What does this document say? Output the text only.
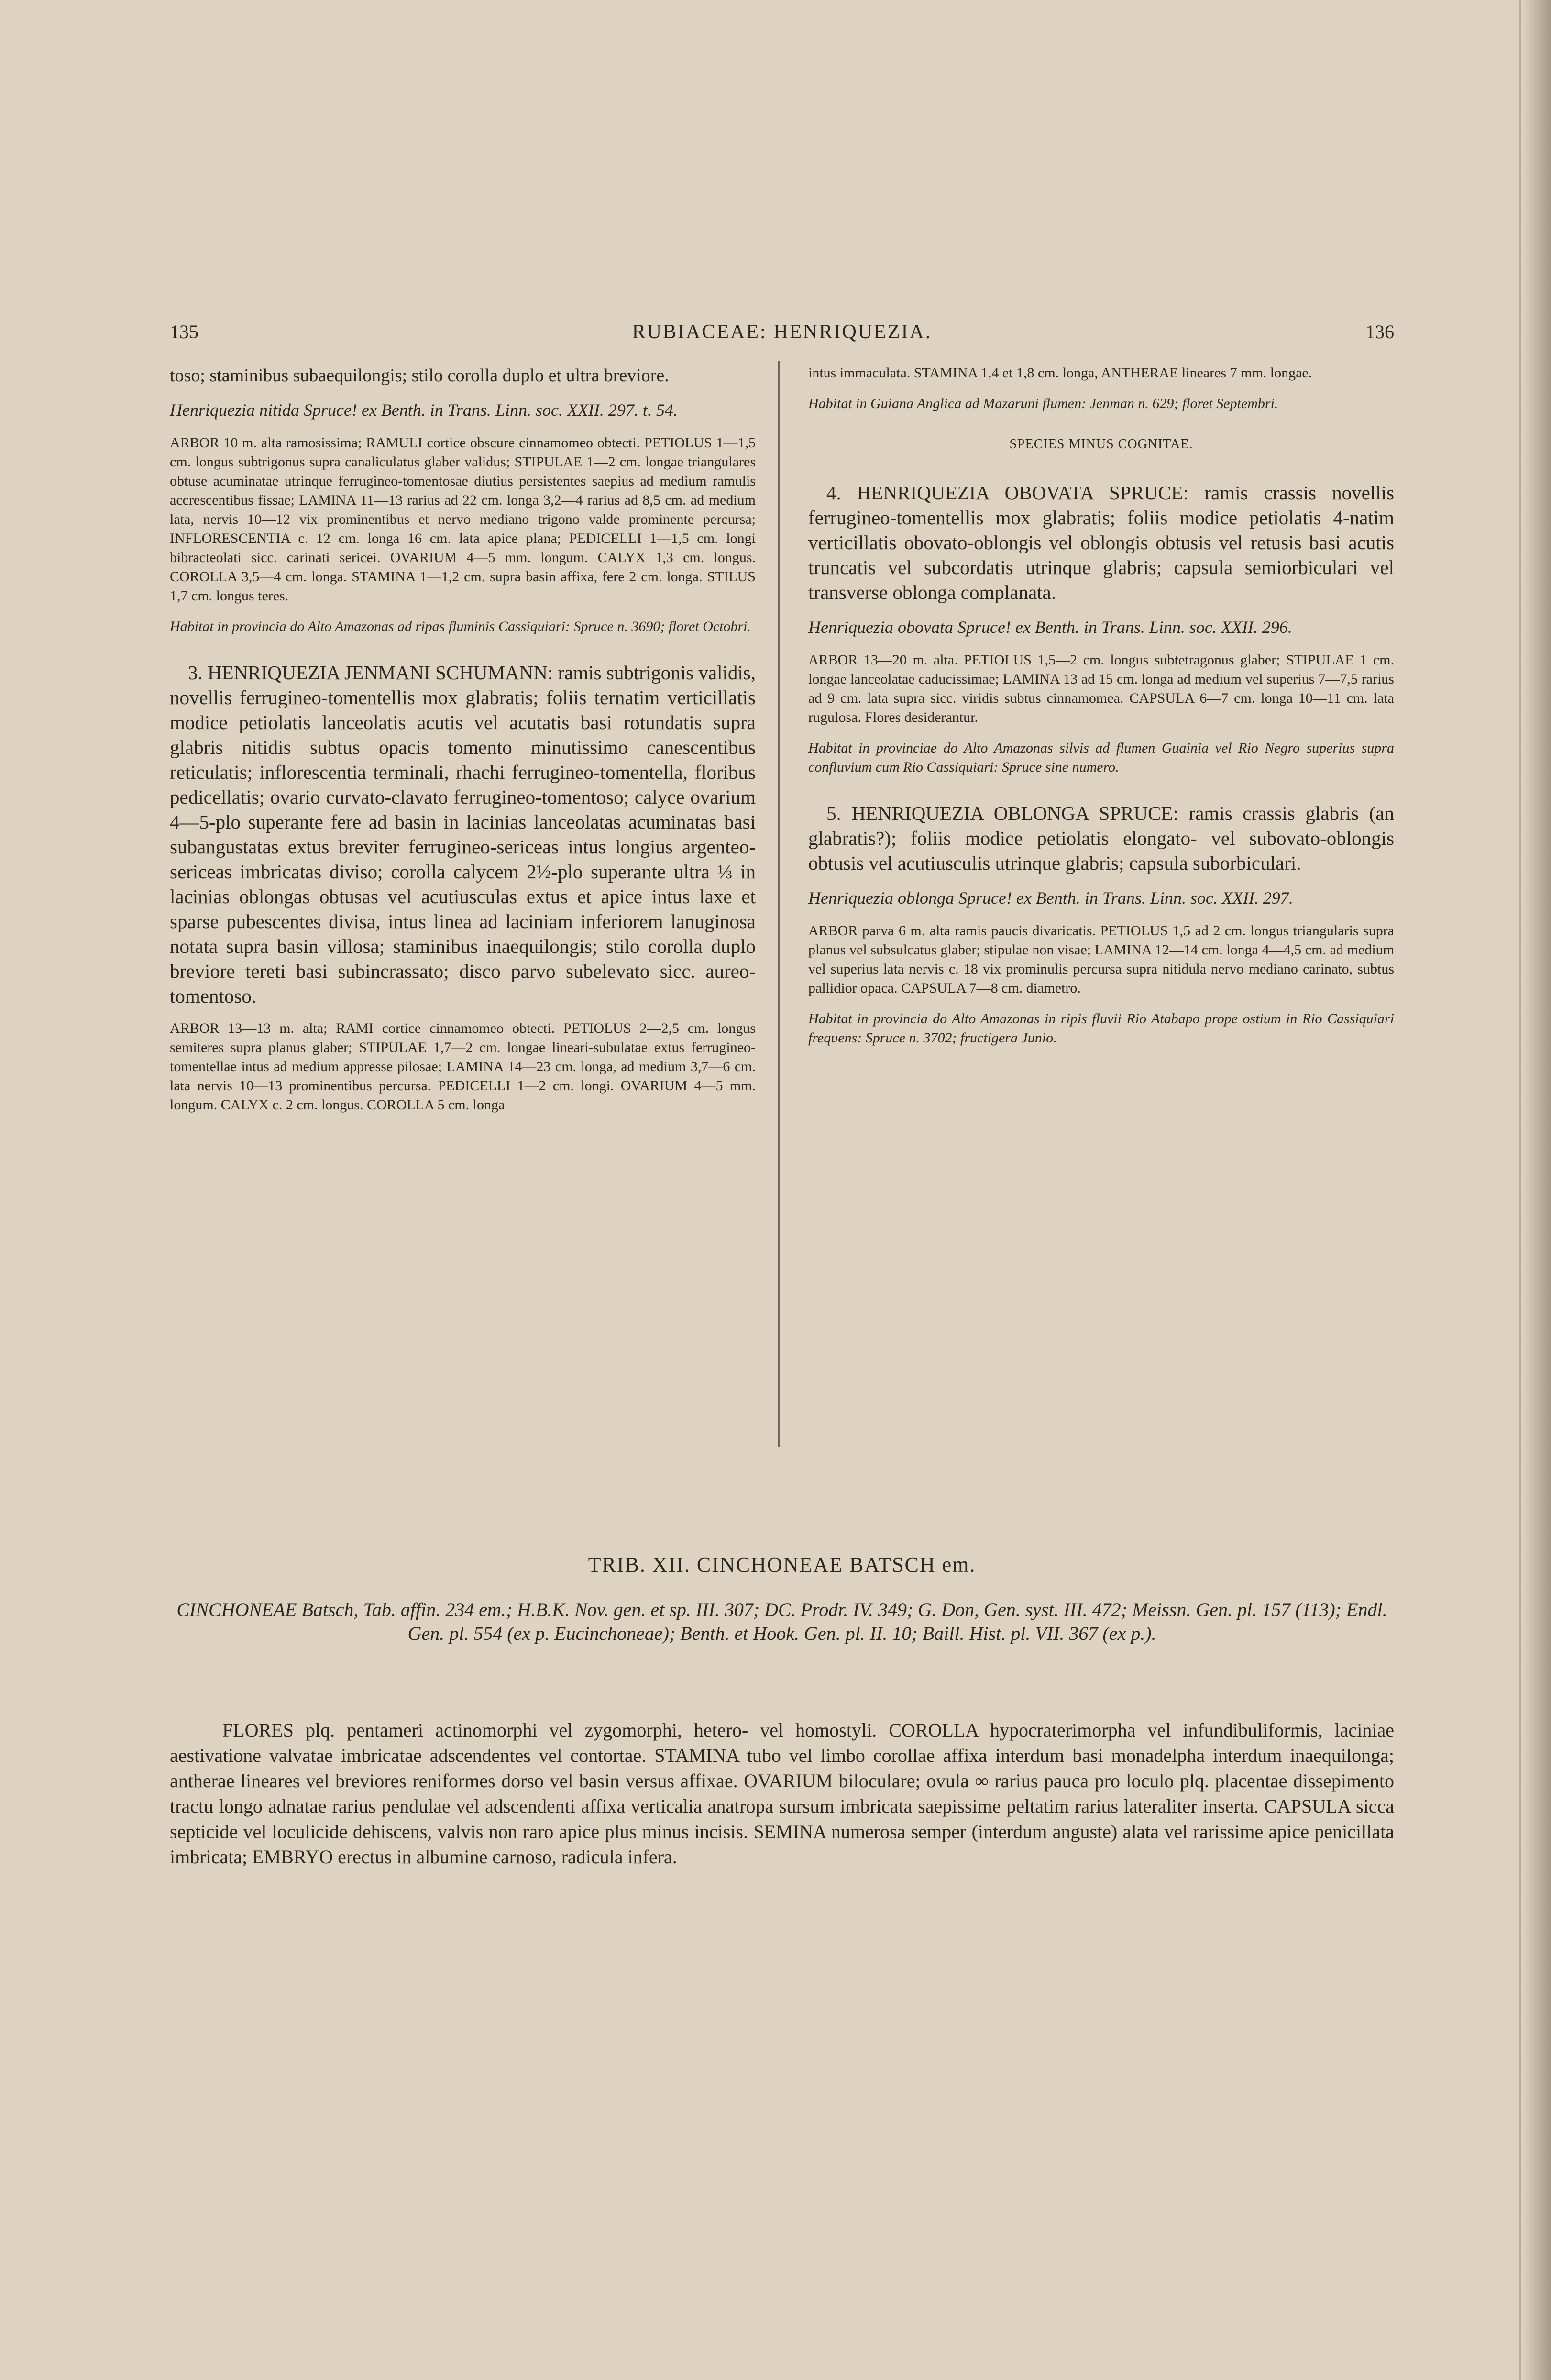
135	RUBIACEAE: HENRIQUEZIA.	136

toso; staminibus subaequilongis; stilo corolla duplo et ultra breviore.

Henriquezia nitida Spruce! ex Benth. in Trans. Linn. soc. XXII. 297. t. 54.

ARBOR 10 m. alta ramosissima; RAMULI cortice obscure cinnamomeo obtecti. PETIOLUS 1—1,5 cm. longus subtrigonus supra canaliculatus glaber validus; STIPULAE 1—2 cm. longae triangulares obtuse acuminatae utrinque ferrugineo-tomentosae diutius persistentes saepius ad medium ramulis accrescentibus fissae; LAMINA 11—13 rarius ad 22 cm. longa 3,2—4 rarius ad 8,5 cm. ad medium lata, nervis 10—12 vix prominentibus et nervo mediano trigono valde prominente percursa; INFLORESCENTIA c. 12 cm. longa 16 cm. lata apice plana; PEDICELLI 1—1,5 cm. longi bibracteolati sicc. carinati sericei. OVARIUM 4—5 mm. longum. CALYX 1,3 cm. longus. COROLLA 3,5—4 cm. longa. STAMINA 1—1,2 cm. supra basin affixa, fere 2 cm. longa. STILUS 1,7 cm. longus teres.

Habitat in provincia do Alto Amazonas ad ripas fluminis Cassiquiari: Spruce n. 3690; floret Octobri.

3. HENRIQUEZIA JENMANI SCHUMANN: ramis subtrigonis validis, novellis ferrugineo-tomentellis mox glabratis; foliis ternatim verticillatis modice petiolatis lanceolatis acutis vel acutatis basi rotundatis supra glabris nitidis subtus opacis tomento minutissimo canescentibus reticulatis; inflorescentia terminali, rhachi ferrugineo-tomentella, floribus pedicellatis; ovario curvato-clavato ferrugineo-tomentoso; calyce ovarium 4—5-plo superante fere ad basin in lacinias lanceolatas acuminatas basi subangustatas extus breviter ferrugineo-sericeas intus longius argenteo-sericeas imbricatas diviso; corolla calycem 2½-plo superante ultra ⅓ in lacinias oblongas obtusas vel acutiusculas extus et apice intus laxe et sparse pubescentes divisa, intus linea ad laciniam inferiorem lanuginosa notata supra basin villosa; staminibus inaequilongis; stilo corolla duplo breviore tereti basi subincrassato; disco parvo subelevato sicc. aureo-tomentoso.

ARBOR 13—13 m. alta; RAMI cortice cinnamomeo obtecti. PETIOLUS 2—2,5 cm. longus semiteres supra planus glaber; STIPULAE 1,7—2 cm. longae lineari-subulatae extus ferrugineo-tomentellae intus ad medium appresse pilosae; LAMINA 14—23 cm. longa, ad medium 3,7—6 cm. lata nervis 10—13 prominentibus percursa. PEDICELLI 1—2 cm. longi. OVARIUM 4—5 mm. longum. CALYX c. 2 cm. longus. COROLLA 5 cm. longa

intus immaculata. STAMINA 1,4 et 1,8 cm. longa, ANTHERAE lineares 7 mm. longae.

Habitat in Guiana Anglica ad Mazaruni flumen: Jenman n. 629; floret Septembri.

SPECIES MINUS COGNITAE.

4. HENRIQUEZIA OBOVATA SPRUCE: ramis crassis novellis ferrugineo-tomentellis mox glabratis; foliis modice petiolatis 4-natim verticillatis obovato-oblongis vel oblongis obtusis vel retusis basi acutis truncatis vel subcordatis utrinque glabris; capsula semiorbiculari vel transverse oblonga complanata.

Henriquezia obovata Spruce! ex Benth. in Trans. Linn. soc. XXII. 296.

ARBOR 13—20 m. alta. PETIOLUS 1,5—2 cm. longus subtetragonus glaber; STIPULAE 1 cm. longae lanceolatae caducissimae; LAMINA 13 ad 15 cm. longa ad medium vel superius 7—7,5 rarius ad 9 cm. lata supra sicc. viridis subtus cinnamomea. CAPSULA 6—7 cm. longa 10—11 cm. lata rugulosa. Flores desiderantur.

Habitat in provinciae do Alto Amazonas silvis ad flumen Guainia vel Rio Negro superius supra confluvium cum Rio Cassiquiari: Spruce sine numero.

5. HENRIQUEZIA OBLONGA SPRUCE: ramis crassis glabris (an glabratis?); foliis modice petiolatis elongato- vel subovato-oblongis obtusis vel acutiusculis utrinque glabris; capsula suborbiculari.

Henriquezia oblonga Spruce! ex Benth. in Trans. Linn. soc. XXII. 297.

ARBOR parva 6 m. alta ramis paucis divaricatis. PETIOLUS 1,5 ad 2 cm. longus triangularis supra planus vel subsulcatus glaber; stipulae non visae; LAMINA 12—14 cm. longa 4—4,5 cm. ad medium vel superius lata nervis c. 18 vix prominulis percursa supra nitidula nervo mediano carinato, subtus pallidior opaca. CAPSULA 7—8 cm. diametro.

Habitat in provincia do Alto Amazonas in ripis fluvii Rio Atabapo prope ostium in Rio Cassiquiari frequens: Spruce n. 3702; fructigera Junio.

TRIB. XII. CINCHONEAE BATSCH em.
CINCHONEAE Batsch, Tab. affin. 234 em.; H.B.K. Nov. gen. et sp. III. 307; DC. Prodr. IV. 349; G. Don, Gen. syst. III. 472; Meissn. Gen. pl. 157 (113); Endl. Gen. pl. 554 (ex p. Eucinchoneae); Benth. et Hook. Gen. pl. II. 10; Baill. Hist. pl. VII. 367 (ex p.).
FLORES plq. pentameri actinomorphi vel zygomorphi, hetero- vel homostyli. COROLLA hypocraterimorpha vel infundibuliformis, laciniae aestivatione valvatae imbricatae adscendentes vel contortae. STAMINA tubo vel limbo corollae affixa interdum basi monadelpha interdum inaequilonga; antherae lineares vel breviores reniformes dorso vel basin versus affixae. OVARIUM biloculare; ovula ∞ rarius pauca pro loculo plq. placentae dissepimento tractu longo adnatae rarius pendulae vel adscendenti affixa verticalia anatropa sursum imbricata saepissime peltatim rarius lateraliter inserta. CAPSULA sicca septicide vel loculicide dehiscens, valvis non raro apice plus minus incisis. SEMINA numerosa semper (interdum anguste) alata vel rarissime apice penicillata imbricata; EMBRYO erectus in albumine carnoso, radicula infera.
